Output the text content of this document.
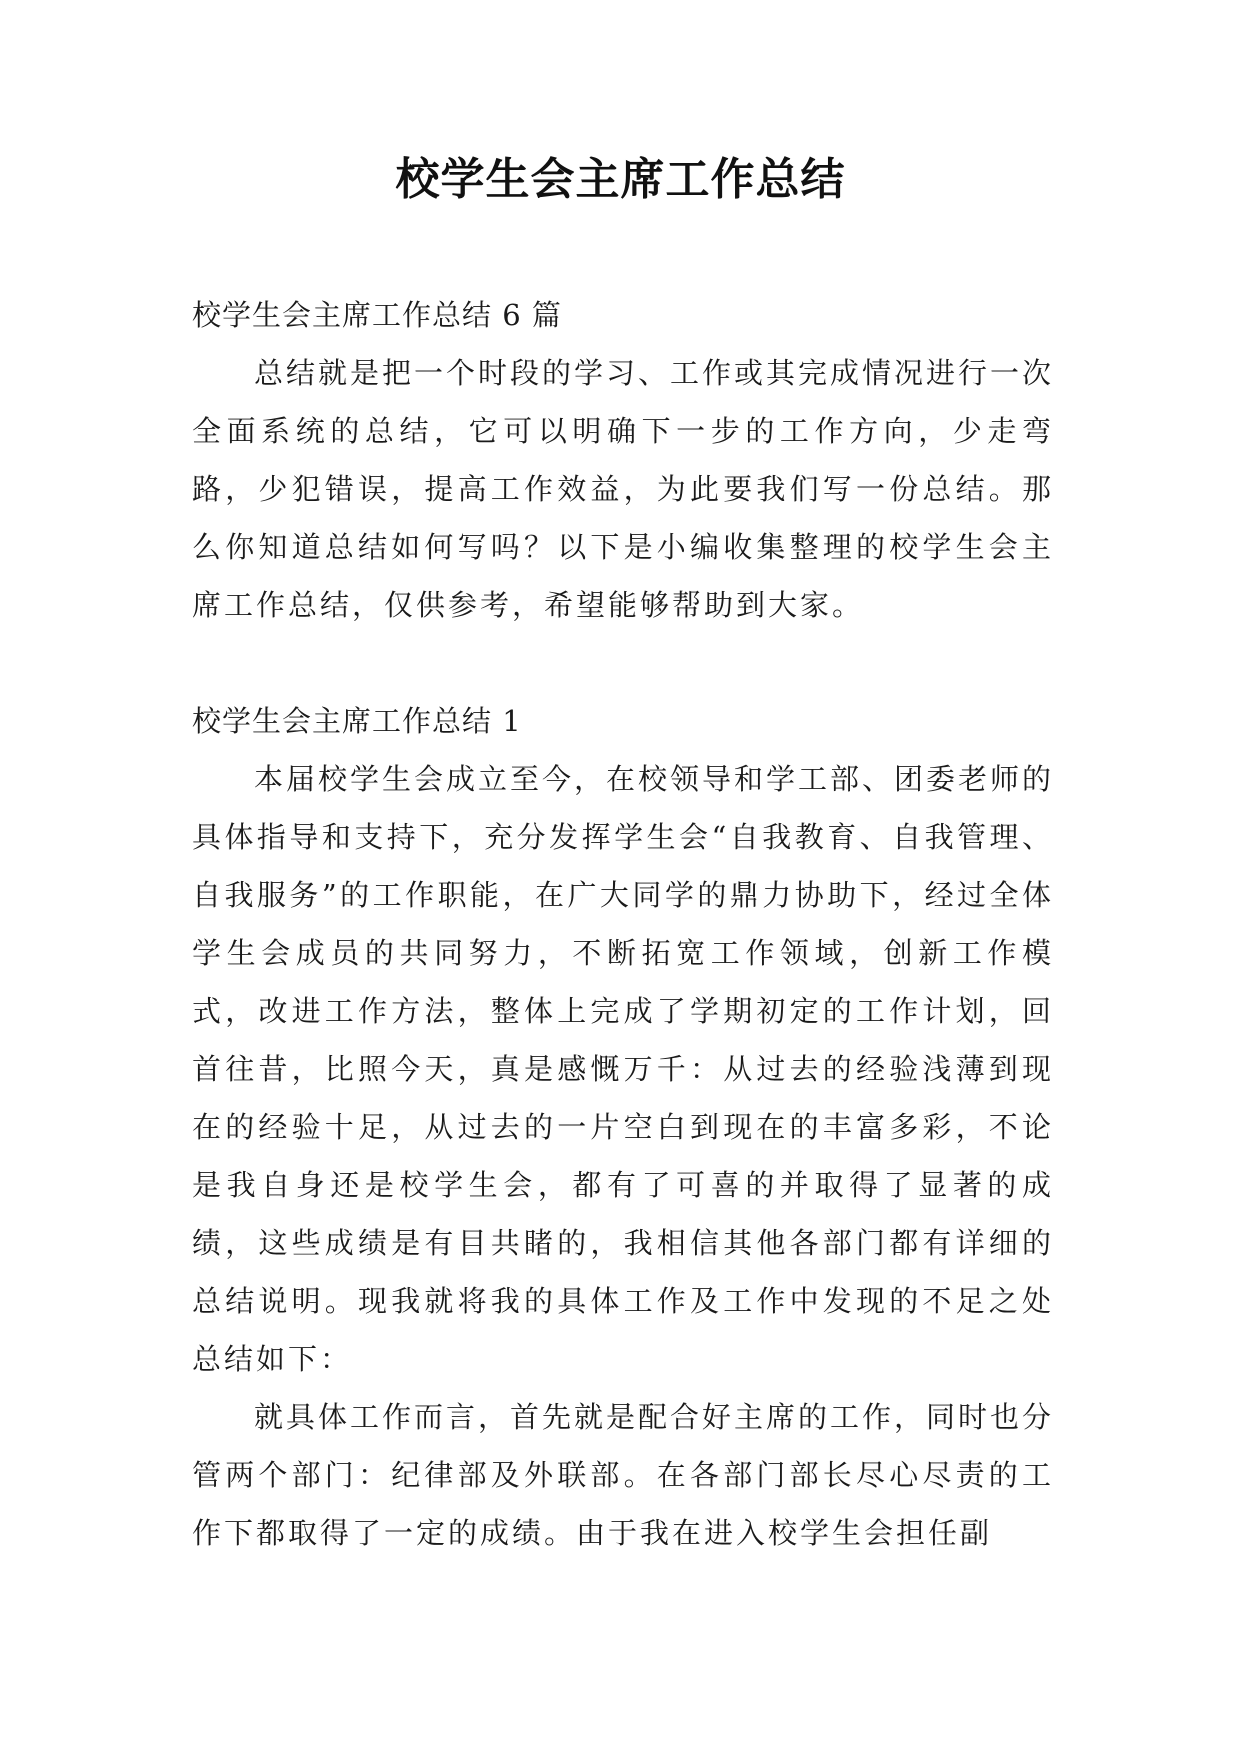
校学生会主席工作总结

校学生会主席工作总结 6 篇

总结就是把一个时段的学习、工作或其完成情况进行一次全面系统的总结，它可以明确下一步的工作方向，少走弯路，少犯错误，提高工作效益，为此要我们写一份总结。那么你知道总结如何写吗？以下是小编收集整理的校学生会主席工作总结，仅供参考，希望能够帮助到大家。

校学生会主席工作总结 1

本届校学生会成立至今，在校领导和学工部、团委老师的具体指导和支持下，充分发挥学生会“自我教育、自我管理、自我服务”的工作职能，在广大同学的鼎力协助下，经过全体学生会成员的共同努力，不断拓宽工作领域，创新工作模式，改进工作方法，整体上完成了学期初定的工作计划，回首往昔，比照今天，真是感慨万千：从过去的经验浅薄到现在的经验十足，从过去的一片空白到现在的丰富多彩，不论是我自身还是校学生会，都有了可喜的并取得了显著的成绩，这些成绩是有目共睹的，我相信其他各部门都有详细的总结说明。现我就将我的具体工作及工作中发现的不足之处总结如下：

就具体工作而言，首先就是配合好主席的工作，同时也分管两个部门：纪律部及外联部。在各部门部长尽心尽责的工作下都取得了一定的成绩。由于我在进入校学生会担任副
